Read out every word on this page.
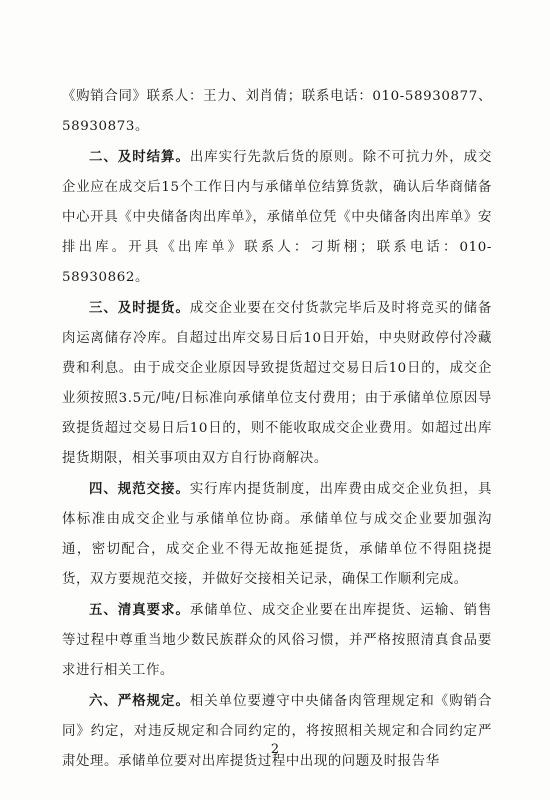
《购销合同》联系人：王力、刘肖倩；联系电话：010-58930877、58930873。

二、及时结算。出库实行先款后货的原则。除不可抗力外，成交企业应在成交后15个工作日内与承储单位结算货款，确认后华商储备中心开具《中央储备肉出库单》，承储单位凭《中央储备肉出库单》安排出库。开具《出库单》联系人：刁斯栩；联系电话：010-58930862。

三、及时提货。成交企业要在交付货款完毕后及时将竞买的储备肉运离储存冷库。自超过出库交易日后10日开始，中央财政停付冷藏费和利息。由于成交企业原因导致提货超过交易日后10日的，成交企业须按照3.5元/吨/日标准向承储单位支付费用；由于承储单位原因导致提货超过交易日后10日的，则不能收取成交企业费用。如超过出库提货期限，相关事项由双方自行协商解决。

四、规范交接。实行库内提货制度，出库费由成交企业负担，具体标准由成交企业与承储单位协商。承储单位与成交企业要加强沟通，密切配合，成交企业不得无故拖延提货，承储单位不得阻挠提货，双方要规范交接，并做好交接相关记录，确保工作顺利完成。

五、清真要求。承储单位、成交企业要在出库提货、运输、销售等过程中尊重当地少数民族群众的风俗习惯，并严格按照清真食品要求进行相关工作。

六、严格规定。相关单位要遵守中央储备肉管理规定和《购销合同》约定，对违反规定和合同约定的，将按照相关规定和合同约定严肃处理。承储单位要对出库提货过程中出现的问题及时报告华

2
